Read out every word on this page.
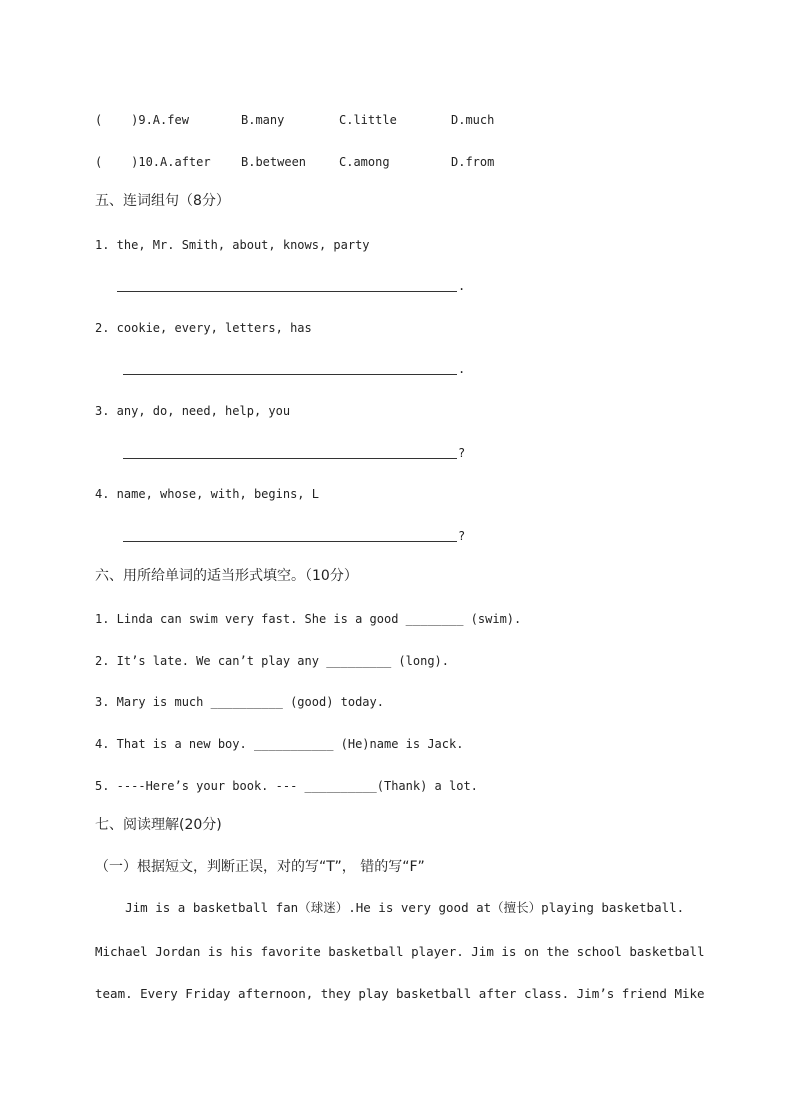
(    )9.A.few	B.many	C.little	D.much
(    )10.A.after	B.between	C.among	D.from
五、连词组句（8分）
1. the, Mr. Smith, about, knows, party
.
2. cookie, every, letters, has
.
3. any, do, need, help, you
?
4. name, whose, with, begins, L
?
六、用所给单词的适当形式填空。（10分）
1. Linda can swim very fast. She is a good ________ (swim).
2. It’s late. We can’t play any _________ (long).
3. Mary is much __________ (good) today.
4. That is a new boy. ___________ (He)name is Jack.
5. ----Here’s your book. --- __________(Thank) a lot.
七、阅读理解(20分)
（一）根据短文，判断正误，对的写“T”， 错的写“F”
Jim is a basketball fan（球迷）.He is very good at（擅长）playing basketball.
Michael Jordan is his favorite basketball player. Jim is on the school basketball
team. Every Friday afternoon, they play basketball after class. Jim’s friend Mike
